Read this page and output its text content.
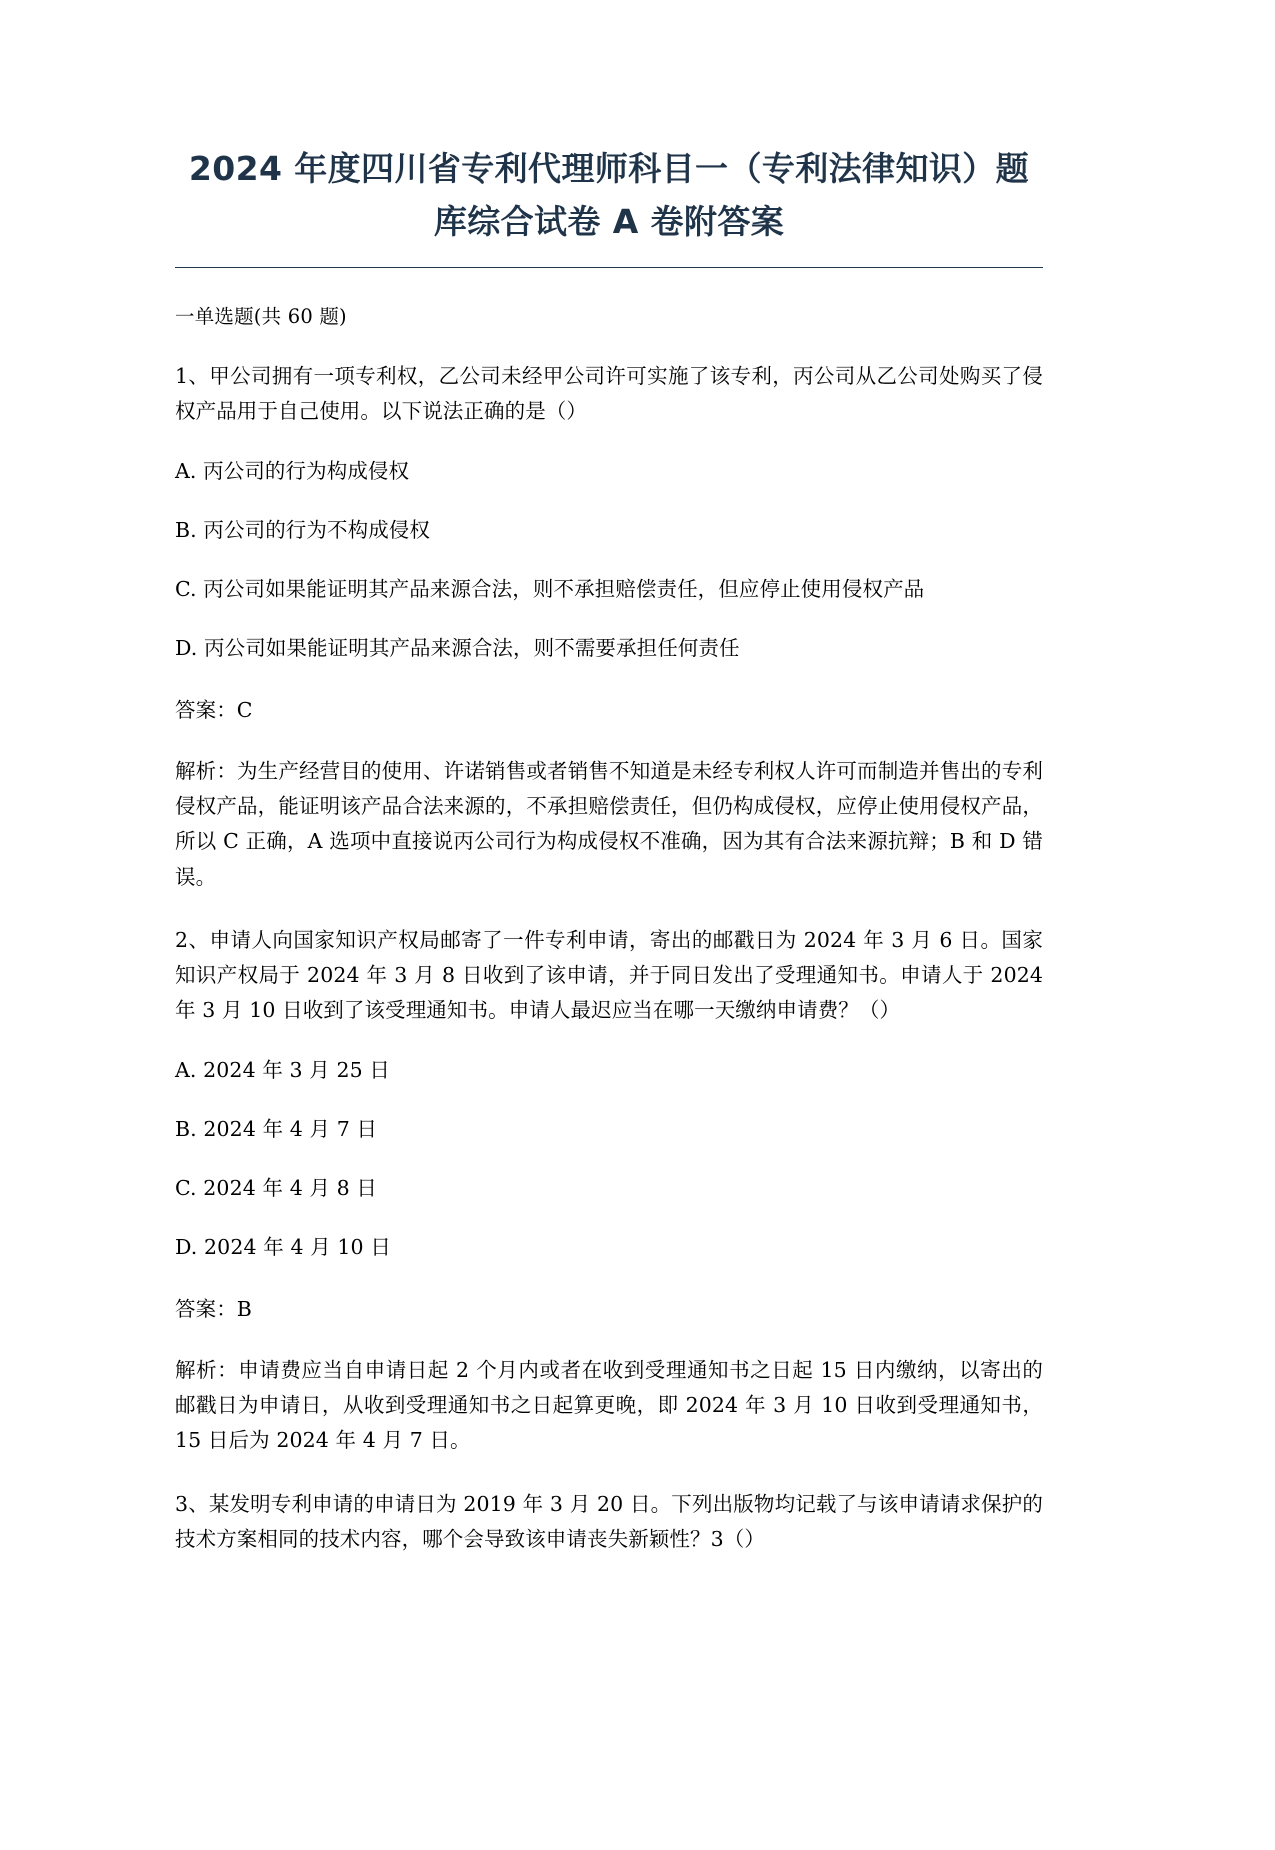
2024 年度四川省专利代理师科目一（专利法律知识）题库综合试卷 A 卷附答案
一单选题(共 60 题)

1、甲公司拥有一项专利权，乙公司未经甲公司许可实施了该专利，丙公司从乙公司处购买了侵权产品用于自己使用。以下说法正确的是（）

A. 丙公司的行为构成侵权

B. 丙公司的行为不构成侵权

C. 丙公司如果能证明其产品来源合法，则不承担赔偿责任，但应停止使用侵权产品

D. 丙公司如果能证明其产品来源合法，则不需要承担任何责任

答案：C

解析：为生产经营目的使用、许诺销售或者销售不知道是未经专利权人许可而制造并售出的专利侵权产品，能证明该产品合法来源的，不承担赔偿责任，但仍构成侵权，应停止使用侵权产品，所以 C 正确，A 选项中直接说丙公司行为构成侵权不准确，因为其有合法来源抗辩；B 和 D 错误。

2、申请人向国家知识产权局邮寄了一件专利申请，寄出的邮戳日为 2024 年 3 月 6 日。国家知识产权局于 2024 年 3 月 8 日收到了该申请，并于同日发出了受理通知书。申请人于 2024 年 3 月 10 日收到了该受理通知书。申请人最迟应当在哪一天缴纳申请费？（）

A. 2024 年 3 月 25 日

B. 2024 年 4 月 7 日

C. 2024 年 4 月 8 日

D. 2024 年 4 月 10 日

答案：B

解析：申请费应当自申请日起 2 个月内或者在收到受理通知书之日起 15 日内缴纳，以寄出的邮戳日为申请日，从收到受理通知书之日起算更晚，即 2024 年 3 月 10 日收到受理通知书，15 日后为 2024 年 4 月 7 日。

3、某发明专利申请的申请日为 2019 年 3 月 20 日。下列出版物均记载了与该申请请求保护的技术方案相同的技术内容，哪个会导致该申请丧失新颖性？3（）
